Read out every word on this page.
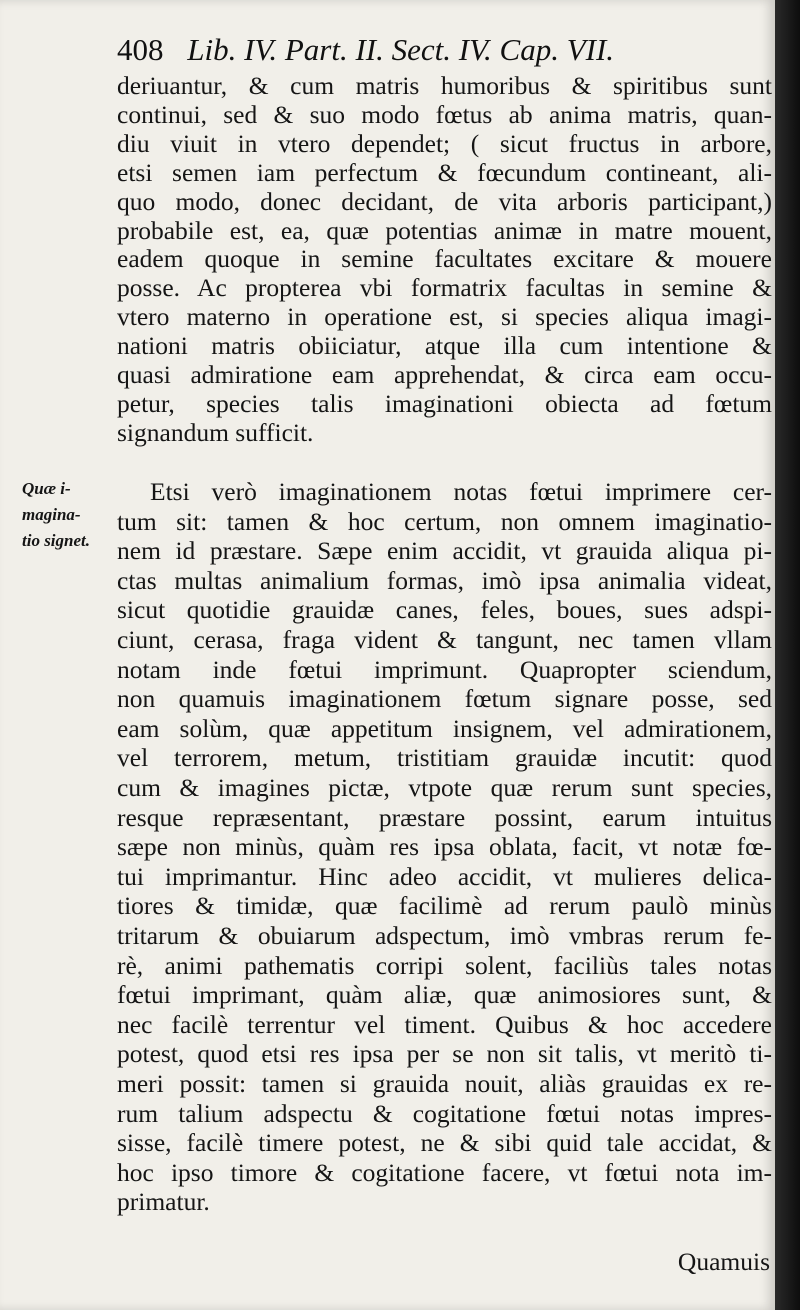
408 Lib. IV. Part. II. Sect. IV. Cap. VII.
deriuantur, & cum matris humoribus & spiritibus sunt
continui, sed & suo modo fœtus ab anima matris, quan-
diu viuit in vtero dependet; ( sicut fructus in arbore,
etsi semen iam perfectum & fœcundum contineant, ali-
quo modo, donec decidant, de vita arboris participant,)
probabile est, ea, quæ potentias animæ in matre mouent,
eadem quoque in semine facultates excitare & mouere
posse. Ac propterea vbi formatrix facultas in semine &
vtero materno in operatione est, si species aliqua imagi-
nationi matris obiiciatur, atque illa cum intentione &
quasi admiratione eam apprehendat, & circa eam occu-
petur, species talis imaginationi obiecta ad fœtum
signandum sufficit.
Etsi verò imaginationem notas fœtui imprimere cer-
tum sit: tamen & hoc certum, non omnem imaginatio-
nem id præstare. Sæpe enim accidit, vt grauida aliqua pi-
ctas multas animalium formas, imò ipsa animalia videat,
sicut quotidie grauidæ canes, feles, boues, sues adspi-
ciunt, cerasa, fraga vident & tangunt, nec tamen vllam
notam inde fœtui imprimunt. Quapropter sciendum,
non quamuis imaginationem fœtum signare posse, sed
eam solùm, quæ appetitum insignem, vel admirationem,
vel terrorem, metum, tristitiam grauidæ incutit: quod
cum & imagines pictæ, vtpote quæ rerum sunt species,
resque repræsentant, præstare possint, earum intuitus
sæpe non minùs, quàm res ipsa oblata, facit, vt notæ fœ-
tui imprimantur. Hinc adeo accidit, vt mulieres delica-
tiores & timidæ, quæ facilimè ad rerum paulò minùs
tritarum & obuiarum adspectum, imò vmbras rerum fe-
rè, animi pathematis corripi solent, faciliùs tales notas
fœtui imprimant, quàm aliæ, quæ animosiores sunt, &
nec facilè terrentur vel timent. Quibus & hoc accedere
potest, quod etsi res ipsa per se non sit talis, vt meritò ti-
meri possit: tamen si grauida nouit, aliàs grauidas ex re-
rum talium adspectu & cogitatione fœtui notas impres-
sisse, facilè timere potest, ne & sibi quid tale accidat, &
hoc ipso timore & cogitatione facere, vt fœtui nota im-
primatur.
Quæ i-
magina-
tio signet.
Quamuis
